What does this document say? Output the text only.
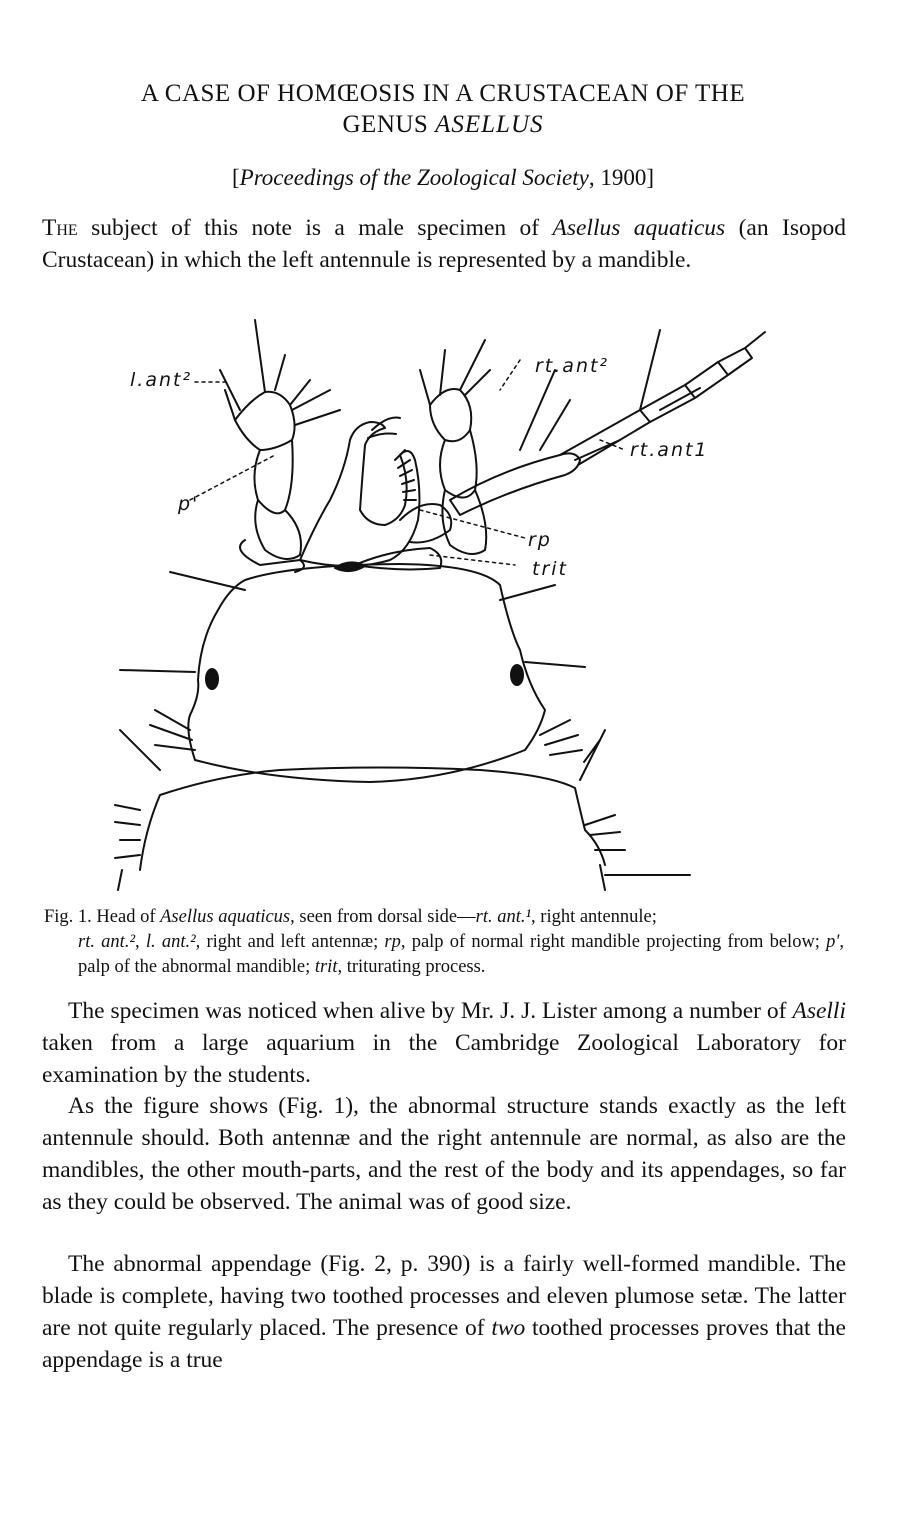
A CASE OF HOMŒOSIS IN A CRUSTACEAN OF THE
GENUS ASELLUS
[Proceedings of the Zoological Society, 1900]

The subject of this note is a male specimen of Asellus aquaticus (an Isopod Crustacean) in which the left antennule is represented by a mandible.

l.ant²
rt.ant²
rt.ant1
p'
rp
trit
Fig. 1. Head of Asellus aquaticus, seen from dorsal side—rt. ant.¹, right antennule;
rt. ant.², l. ant.², right and left antennæ; rp, palp of normal right mandible projecting from below; p', palp of the abnormal mandible; trit, triturating process.

The specimen was noticed when alive by Mr. J. J. Lister among a number of Aselli taken from a large aquarium in the Cambridge Zoological Laboratory for examination by the students.

As the figure shows (Fig. 1), the abnormal structure stands exactly as the left antennule should. Both antennæ and the right antennule are normal, as also are the mandibles, the other mouth-parts, and the rest of the body and its appendages, so far as they could be observed. The animal was of good size.

The abnormal appendage (Fig. 2, p. 390) is a fairly well-formed mandible. The blade is complete, having two toothed processes and eleven plumose setæ. The latter are not quite regularly placed. The presence of two toothed processes proves that the appendage is a true
